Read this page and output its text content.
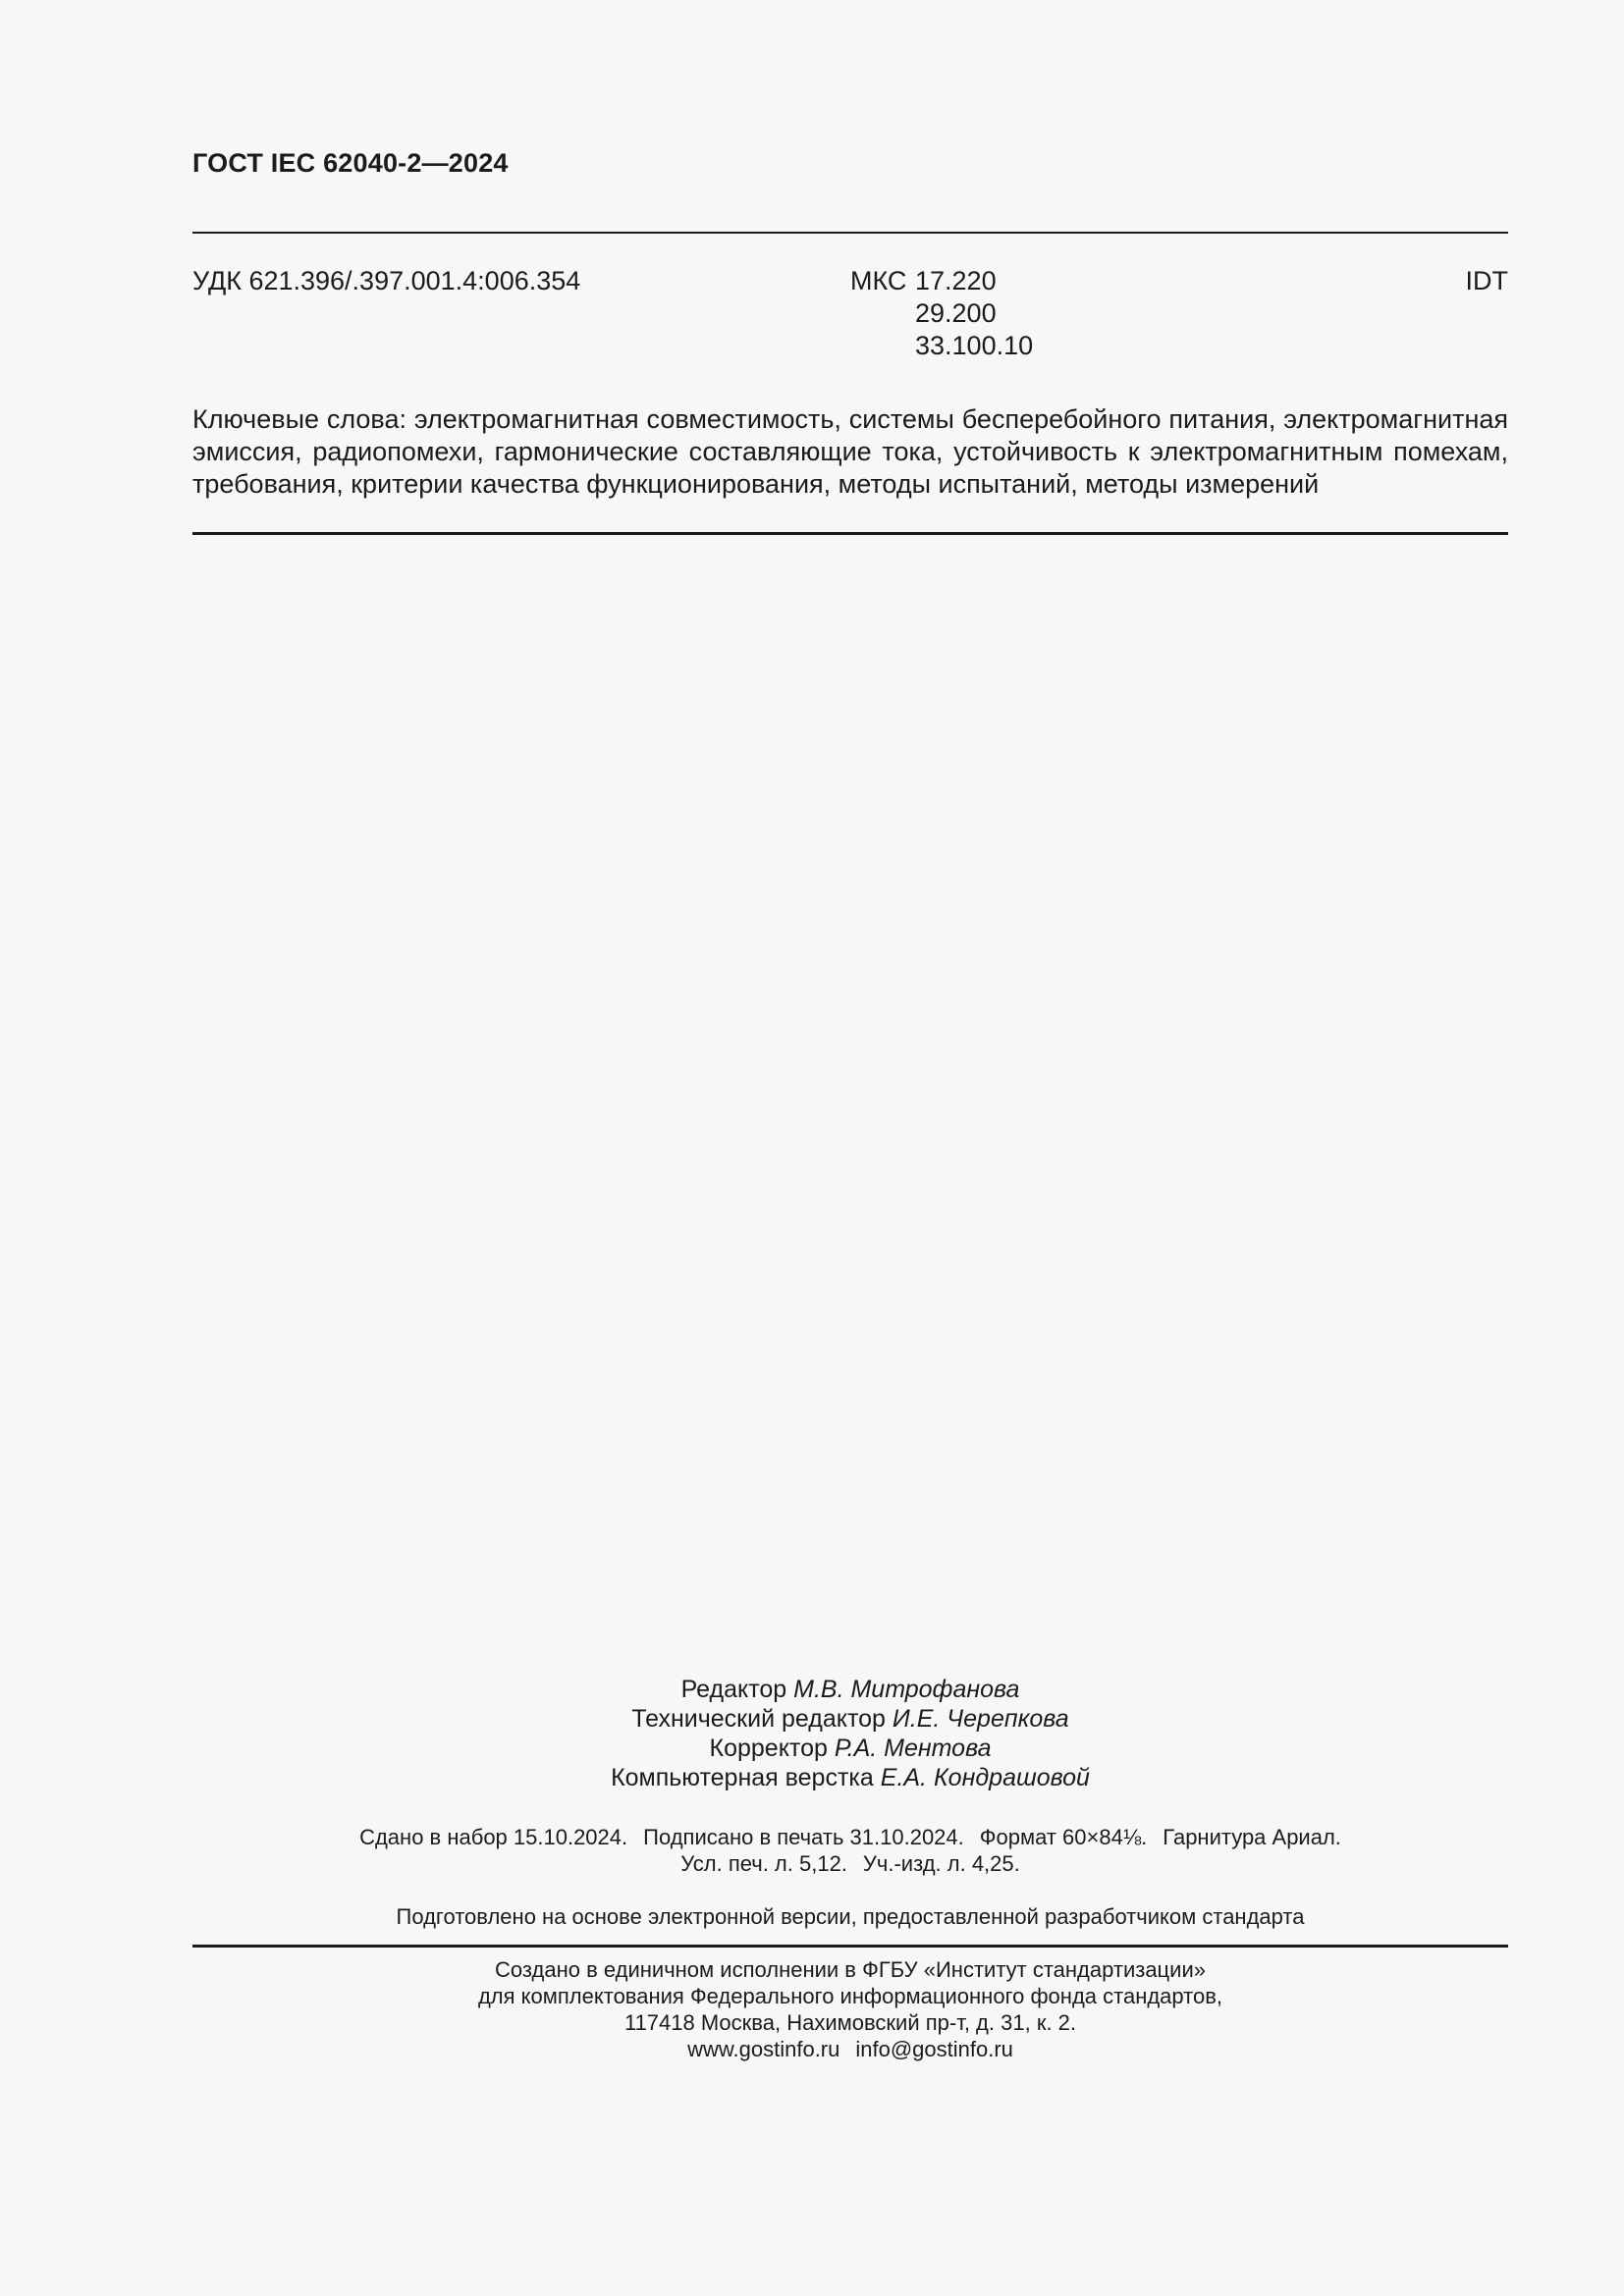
ГОСТ IEC 62040-2—2024
УДК 621.396/.397.001.4:006.354	МКС 17.220
29.200
33.100.10
IDT
Ключевые слова: электромагнитная совместимость, системы бесперебойного питания, электромагнитная эмиссия, радиопомехи, гармонические составляющие тока, устойчивость к электромагнитным помехам, требования, критерии качества функционирования, методы испытаний, методы измерений
Редактор М.В. Митрофанова
Технический редактор И.Е. Черепкова
Корректор Р.А. Ментова
Компьютерная верстка Е.А. Кондрашовой
Сдано в набор 15.10.2024. Подписано в печать 31.10.2024. Формат 60×84⅛. Гарнитура Ариал.
Усл. печ. л. 5,12. Уч.-изд. л. 4,25.
Подготовлено на основе электронной версии, предоставленной разработчиком стандарта
Создано в единичном исполнении в ФГБУ «Институт стандартизации»
для комплектования Федерального информационного фонда стандартов,
117418 Москва, Нахимовский пр-т, д. 31, к. 2.
www.gostinfo.ru info@gostinfo.ru
